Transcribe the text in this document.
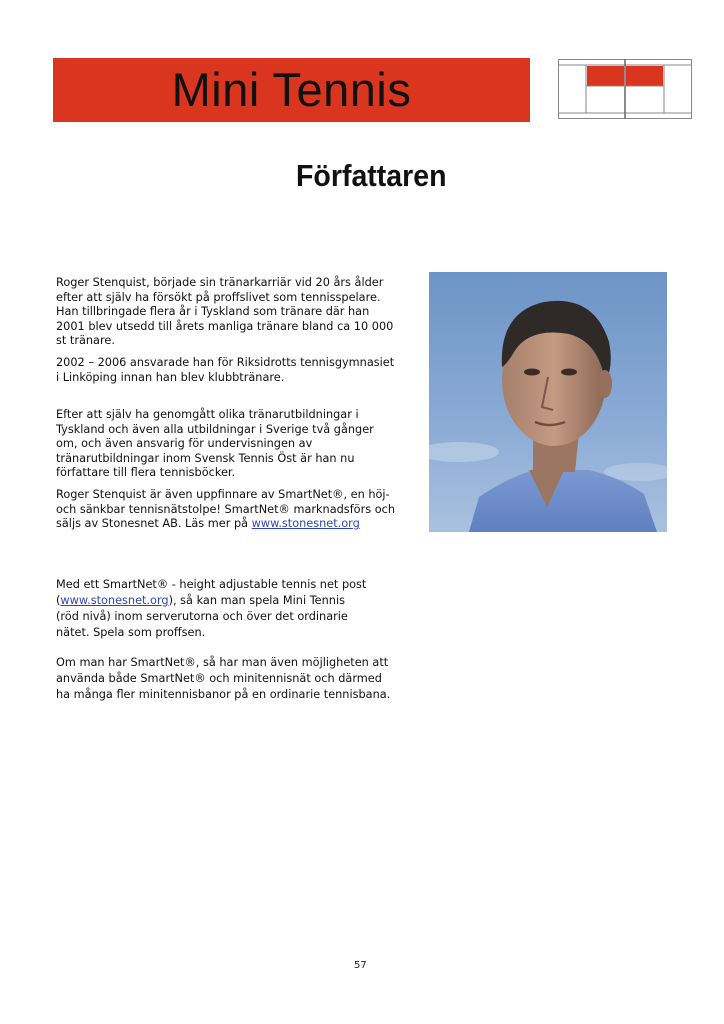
Mini Tennis
Författaren

Roger Stenquist, började sin tränarkarriär vid 20 års ålder efter att själv ha försökt på proffslivet som tennisspelare. Han tillbringade flera år i Tyskland som tränare där han 2001 blev utsedd till årets manliga tränare bland ca 10 000 st tränare.

2002 – 2006 ansvarade han för Riksidrotts tennisgymnasiet i Linköping innan han blev klubbtränare.

Efter att själv ha genomgått olika tränarutbildningar i Tyskland och även alla utbildningar i Sverige två gånger om, och även ansvarig för undervisningen av tränarutbildningar inom Svensk Tennis Öst är han nu författare till flera tennisböcker.

Roger Stenquist är även uppfinnare av SmartNet®, en höj- och sänkbar tennisnätstolpe! SmartNet® marknadsförs och säljs av Stonesnet AB. Läs mer på www.stonesnet.org

Med ett SmartNet® - height adjustable tennis net post
(www.stonesnet.org), så kan man spela Mini Tennis
(röd nivå) inom serverutorna och över det ordinarie
nätet. Spela som proffsen.

Om man har SmartNet®, så har man även möjligheten att använda både SmartNet® och minitennisnät och därmed ha många fler minitennisbanor på en ordinarie tennisbana.

57
